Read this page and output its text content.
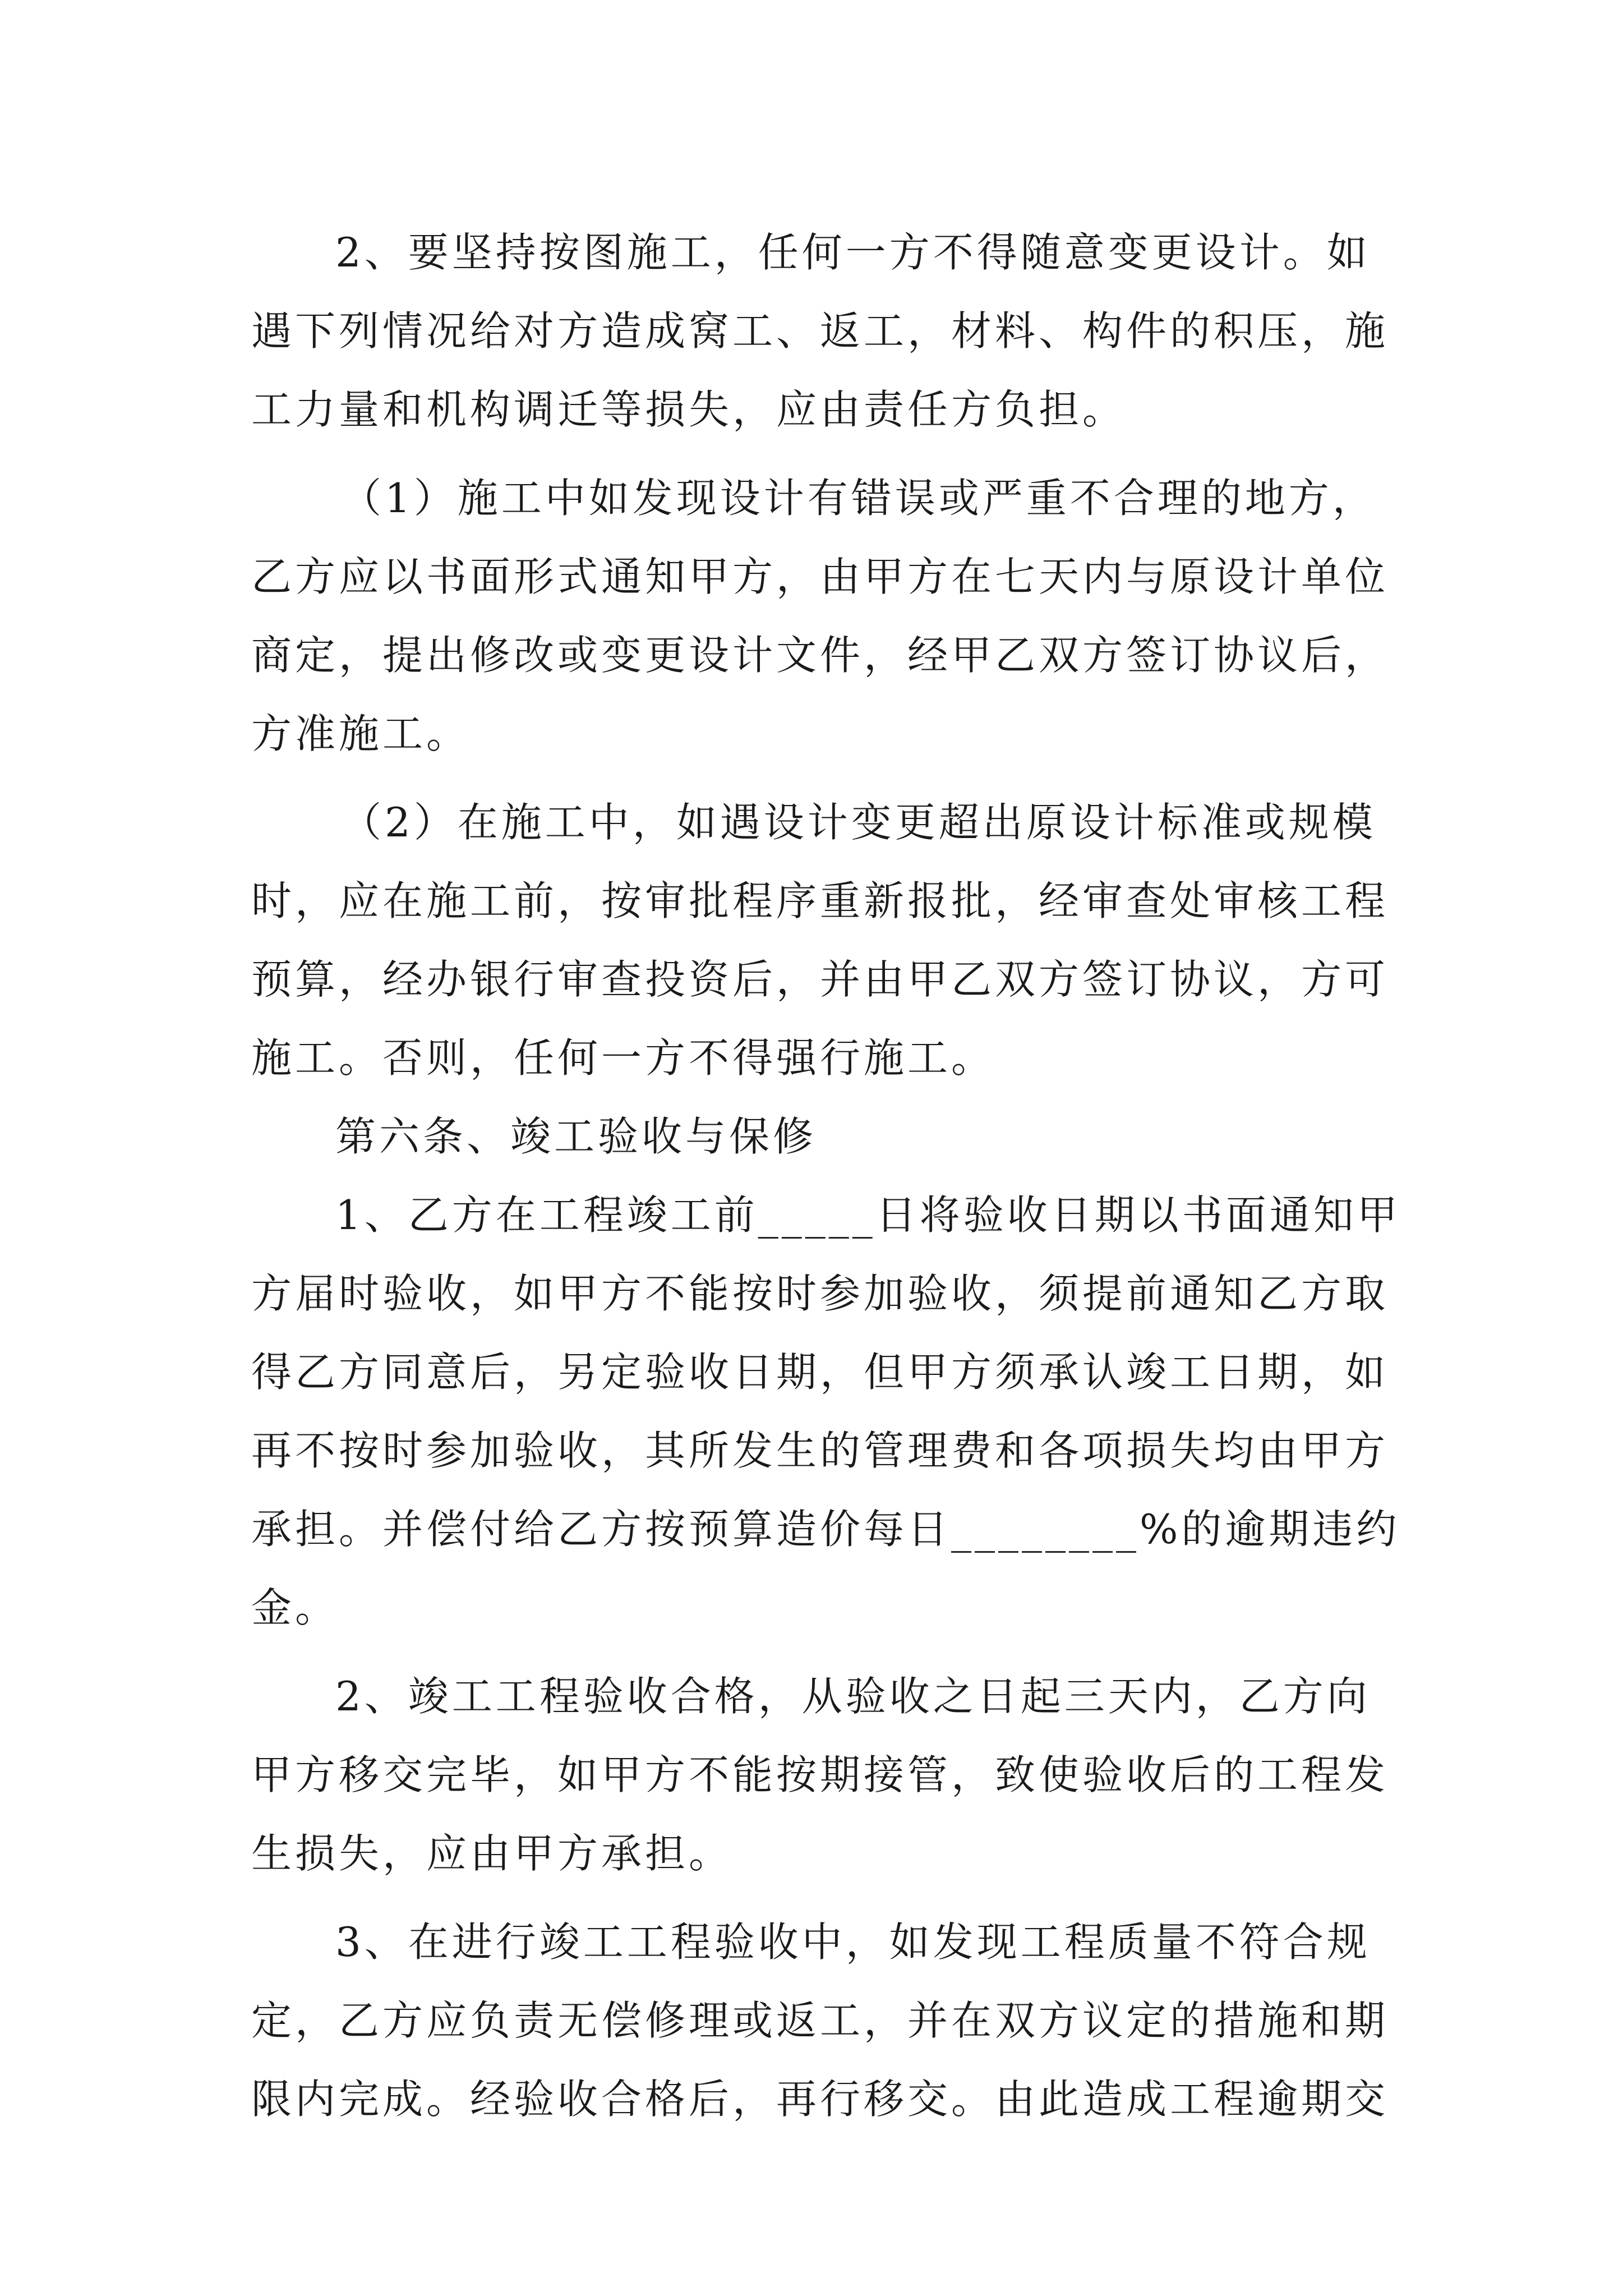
2、要坚持按图施工，任何一方不得随意变更设计。如
遇下列情况给对方造成窝工、返工，材料、构件的积压，施
工力量和机构调迁等损失，应由责任方负担。
（1）施工中如发现设计有错误或严重不合理的地方，
乙方应以书面形式通知甲方，由甲方在七天内与原设计单位
商定，提出修改或变更设计文件，经甲乙双方签订协议后，
方准施工。
（2）在施工中，如遇设计变更超出原设计标准或规模
时，应在施工前，按审批程序重新报批，经审查处审核工程
预算，经办银行审查投资后，并由甲乙双方签订协议，方可
施工。否则，任何一方不得强行施工。
第六条、竣工验收与保修
1、乙方在工程竣工前_____日将验收日期以书面通知甲
方届时验收，如甲方不能按时参加验收，须提前通知乙方取
得乙方同意后，另定验收日期，但甲方须承认竣工日期，如
再不按时参加验收，其所发生的管理费和各项损失均由甲方
承担。并偿付给乙方按预算造价每日________%的逾期违约
金。
2、竣工工程验收合格，从验收之日起三天内，乙方向
甲方移交完毕，如甲方不能按期接管，致使验收后的工程发
生损失，应由甲方承担。
3、在进行竣工工程验收中，如发现工程质量不符合规
定，乙方应负责无偿修理或返工，并在双方议定的措施和期
限内完成。经验收合格后，再行移交。由此造成工程逾期交
